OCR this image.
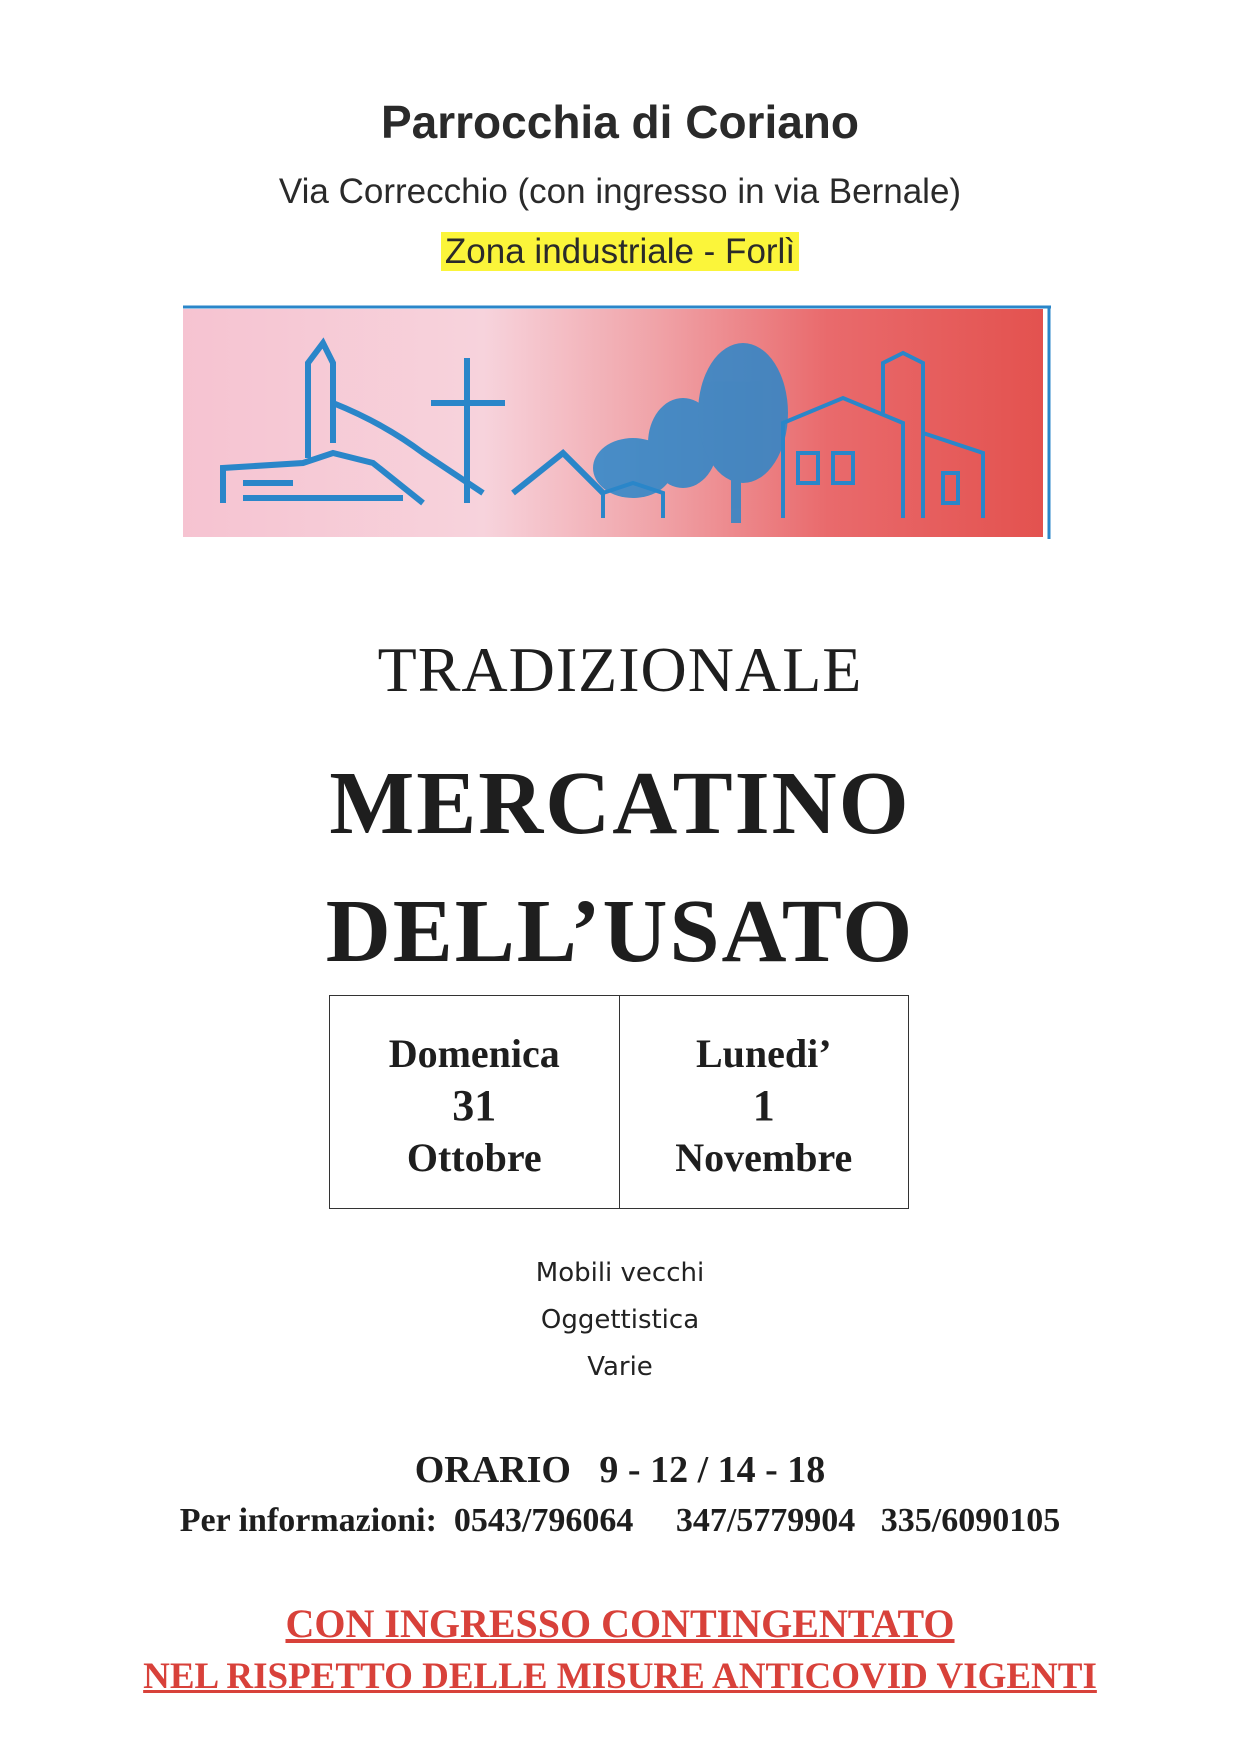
Parrocchia di Coriano
Via Correcchio (con ingresso in via Bernale)
Zona industriale - Forlì
TRADIZIONALE
MERCATINO
DELL’USATO
Domenica
31
Ottobre
Lunedi’
1
Novembre
Mobili vecchi
Oggettistica
Varie
ORARIO   9 - 12 / 14 - 18
Per informazioni:  0543/796064     347/5779904   335/6090105
CON INGRESSO CONTINGENTATO
NEL RISPETTO DELLE MISURE ANTICOVID VIGENTI
